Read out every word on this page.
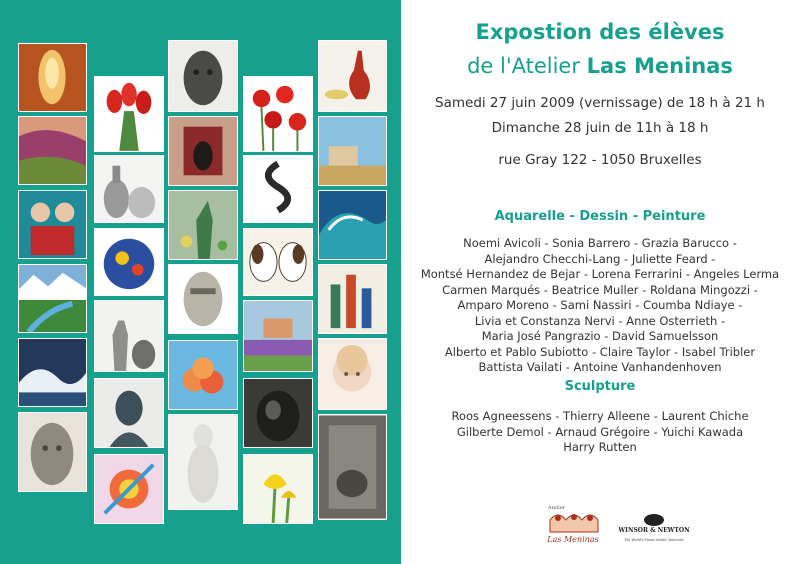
Expostion des élèves
de l'Atelier Las Meninas
Samedi 27 juin 2009 (vernissage) de 18 h à 21 h
Dimanche 28 juin de 11h à 18 h
rue Gray 122 - 1050 Bruxelles
Aquarelle - Dessin - Peinture
Noemi Avicoli - Sonia Barrero - Grazia Barucco -
Alejandro Checchi-Lang - Juliette Feard -
Montsé Hernandez de Bejar - Lorena Ferrarini - Angeles Lerma
Carmen Marqués - Beatrice Muller - Roldana Mingozzi -
Amparo Moreno - Sami Nassiri - Coumba Ndiaye -
Livia et Constanza Nervi - Anne Osterrieth -
Maria José Pangrazio - David Samuelsson
Alberto et Pablo Subiotto - Claire Taylor - Isabel Tribler
Battista Vailati - Antoine Vanhandenhoven
Sculpture
Roos Agneessens - Thierry Alleene - Laurent Chiche
Gilberte Demol - Arnaud Grégoire - Yuichi Kawada
Harry Rutten
Atelier
Las Meninas
WINSOR & NEWTON
The World's Finest Artists' Materials
